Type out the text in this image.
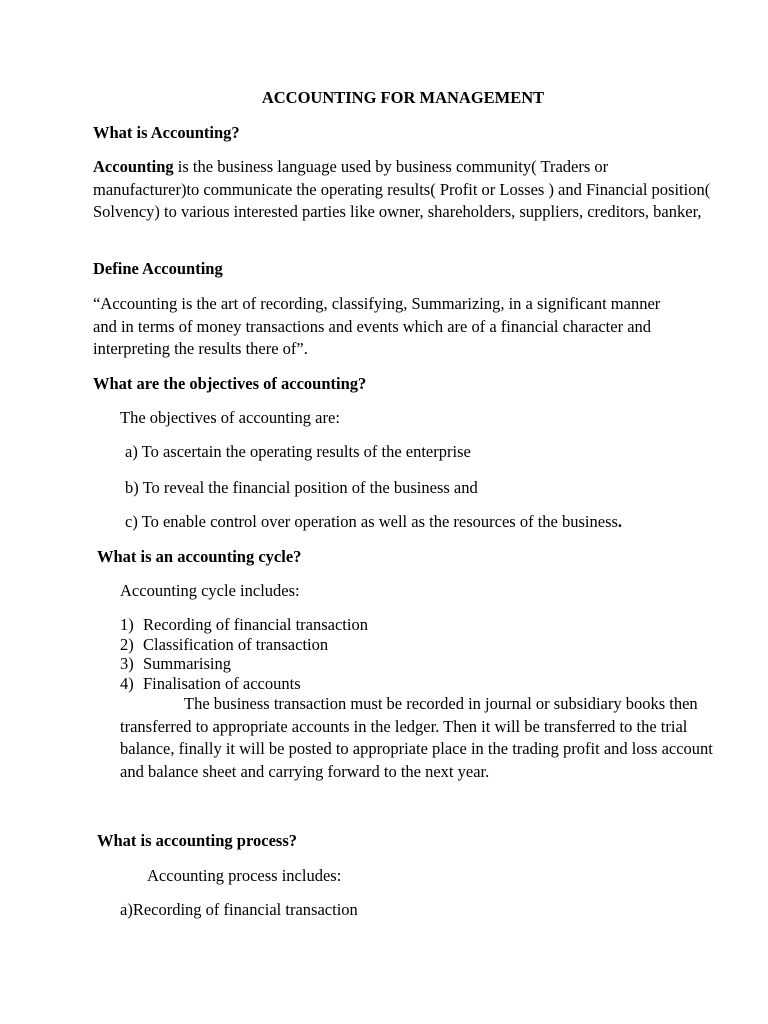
ACCOUNTING FOR MANAGEMENT
What is Accounting?
Accounting is the business language used by business community( Traders or manufacturer)to communicate the operating results( Profit or Losses ) and Financial position( Solvency) to various interested parties like owner, shareholders, suppliers, creditors, banker,
Define Accounting
“Accounting is the art of recording, classifying, Summarizing, in a significant manner and in terms of money transactions and events which are of a financial character and interpreting the results there of”.
What are the objectives of accounting?
The objectives of accounting are:
a) To ascertain the operating results of the enterprise
b) To reveal the financial position of the business and
c) To enable control over operation as well as the resources of the business.
What is an accounting cycle?
Accounting cycle includes:
1) Recording of financial transaction
2) Classification of transaction
3) Summarising
4) Finalisation of accounts
The business transaction must be recorded in journal or subsidiary books then transferred to appropriate accounts in the ledger. Then it will be transferred to the trial balance, finally it will be posted to appropriate place in the trading profit and loss account and balance sheet and carrying forward to the next year.
What is accounting process?
Accounting process includes:
a)Recording of financial transaction
